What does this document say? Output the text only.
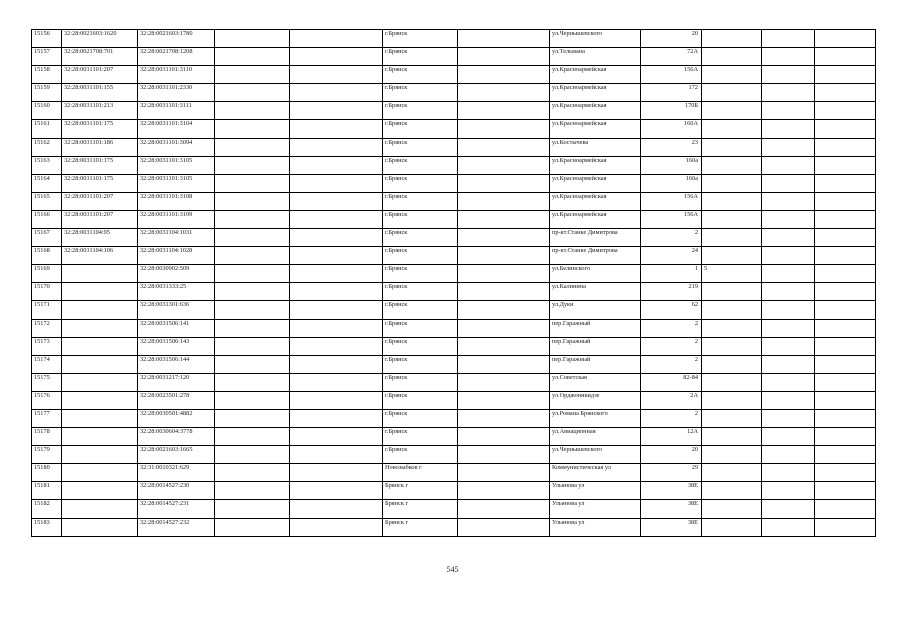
15156	32:28:0021603:1620	32:28:0021603:1780			г.Брянск		ул.Чернышевского	20			
15157	32:28:0021708:701	32:28:0021708:1208			г.Брянск		ул.Тельмана	72А			
15158	32:28:0031101:207	32:28:0031101:3110			г.Брянск		ул.Красноармейская	156А			
15159	32:28:0031101:155	32:28:0031101:2330			г.Брянск		ул.Красноармейская	172			
15160	32:28:0031101:213	32:28:0031101:3111			г.Брянск		ул.Красноармейская	170Б			
15161	32:28:0031101:175	32:28:0031101:3104			г.Брянск		ул.Красноармейская	160А			
15162	32:28:0031101:186	32:28:0031101:3094			г.Брянск		ул.Костычева	23			
15163	32:28:0031101:175	32:28:0031101:3105			г.Брянск		ул.Красноармейская	160а			
15164	32:28:0031101:175	32:28:0031101:3105			г.Брянск		ул.Красноармейская	160а			
15165	32:28:0031101:207	32:28:0031101:3108			г.Брянск		ул.Красноармейская	156А			
15166	32:28:0031101:207	32:28:0031101:3109			г.Брянск		ул.Красноармейская	156А			
15167	32:28:0031104:95	32:28:0031104:1031			г.Брянск		пр-кт.Станке Димитрова	2			
15168	32:28:0031104:106	32:28:0031104:1028			г.Брянск		пр-кт.Станке Димитрова	24			
15169		32:28:0030902:509			г.Брянск		ул.Белинского	1	5		
15170		32:28:0031333:25			г.Брянск		ул.Калинина	219			
15171		32:28:0031301:636			г.Брянск		ул.Дуки	62			
15172		32:28:0031506:141			г.Брянск		пер.Гаражный	2			
15173		32:28:0031506:143			г.Брянск		пер.Гаражный	2			
15174		32:28:0031506:144			г.Брянск		пер.Гаражный	2			
15175		32:28:0031217:120			г.Брянск		ул.Советская	82-84			
15176		32:28:0023501:278			г.Брянск		ул.Орджоникидзе	2А			
15177		32:28:0030501:4882			г.Брянск		ул.Романа Брянского	2			
15178		32:28:0030604:3778			г.Брянск		ул.Авиационная	12А			
15179		32:28:0021603:1665			г.Брянск		ул.Чернышевского	20			
15180		32:31:0010321:629			Новозыбков г		Коммунистическая ул	29			
15181		32:28:0014527:230			Брянск г		Ульянова ул	38Е			
15182		32:28:0014527:231			Брянск г		Ульянова ул	38Е			
15183		32:28:0014527:232			Брянск г		Ульянова ул	38Е			
545
